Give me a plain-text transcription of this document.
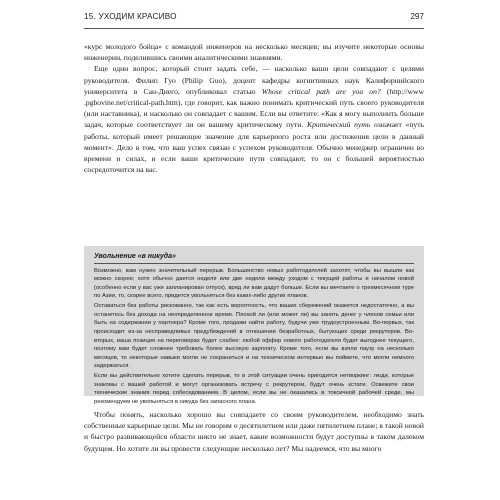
15. УХОДИМ КРАСИВО	297

«курс молодого бойца» с командой инженеров на несколько месяцев; вы изучите некоторые основы инженерии, поделившись своими аналитическими знаниями.

Еще один вопрос, который стоит задать себе, — насколько ваши цели совпадают с целями руководителя. Филип Гуо (Philip Guo), доцент кафедры когнитивных наук Калифорнийского университета в Сан-Диего, опубликовал статью Whose critical path are you on? (http://www .pgbovine.net/critical-path.htm), где говорит, как важно понимать критический путь своего руководителя (или наставника), и насколько он совпадает с вашим. Если вы ответите: «Как я могу выполнить больше задач, которые соответствует ли он вашему критическому пути. Критический путь означает «путь работы, который имеет решающее значение для карьерного роста или достижения цели в данный момент». Дело в том, что ваш успех связан с успехом руководителя. Обычно менеджер ограничен во времени и силах, и если ваши критические пути совпадают, то он с большей вероятностью сосредоточится на вас.

Увольнение «в никуда»

Возможно, вам нужен значительный перерыв. Большинство новых работодателей захотят, чтобы вы вышли как можно скорее; хотя обычно дается неделя или две недели между уходом с текущей работы и началом новой (особенно если у вас уже запланирован отпуск), вряд ли вам дадут больше. Если вы мечтаете о трехмесячном туре по Азии, то, скорее всего, придется увольняться без каких-либо других планов.

Оставаться без работы рискованно, так как есть вероятность, что ваших сбережений окажется недостаточно, а вы останетесь без дохода на неопределенное время. Плохой ли (или может ли) вы занять денег у членов семьи или быть на содержании у партнера? Кроме того, продажи найти работу, будучи уже трудоустроенным. Во-первых, так происходит из-за несправедливых предубеждений в отношении безработных, бытующих среди рекрутеров. Во-вторых, ваша позиция на переговорах будет слабее: любой оффер нового работодателя будет выгоднее текущего, поэтому вам будет сложнее требовать более высокую зарплату. Кроме того, если вы взяли паузу на несколько месяцев, то некоторые навыки могли не сохраниться и на техническом интервью вы поймете, что могли немного задержаться.

Если вы действительно хотите сделать перерыв, то в этой ситуации очень пригодится нетворкинг: люди, которые знакомы с вашей работой и могут организовать встречу с рекрутером, будут очень кстати. Освежите свои технические знания перед собеседованием. В целом, если вы не оказались в токсичной рабочей среде, мы рекомендуем не увольняться в никуда без запасного плана.

Чтобы понять, насколько хорошо вы совпадаете со своим руководителем, необходимо знать собственные карьерные цели. Мы не говорим о десятилетнем или даже пятилетнем плане; в такой новой и быстро развивающейся области никто не знает, какие возможности будут доступны в таком далеком будущем. Но хотите ли вы провести следующие несколько лет? Мы надеемся, что вы много
